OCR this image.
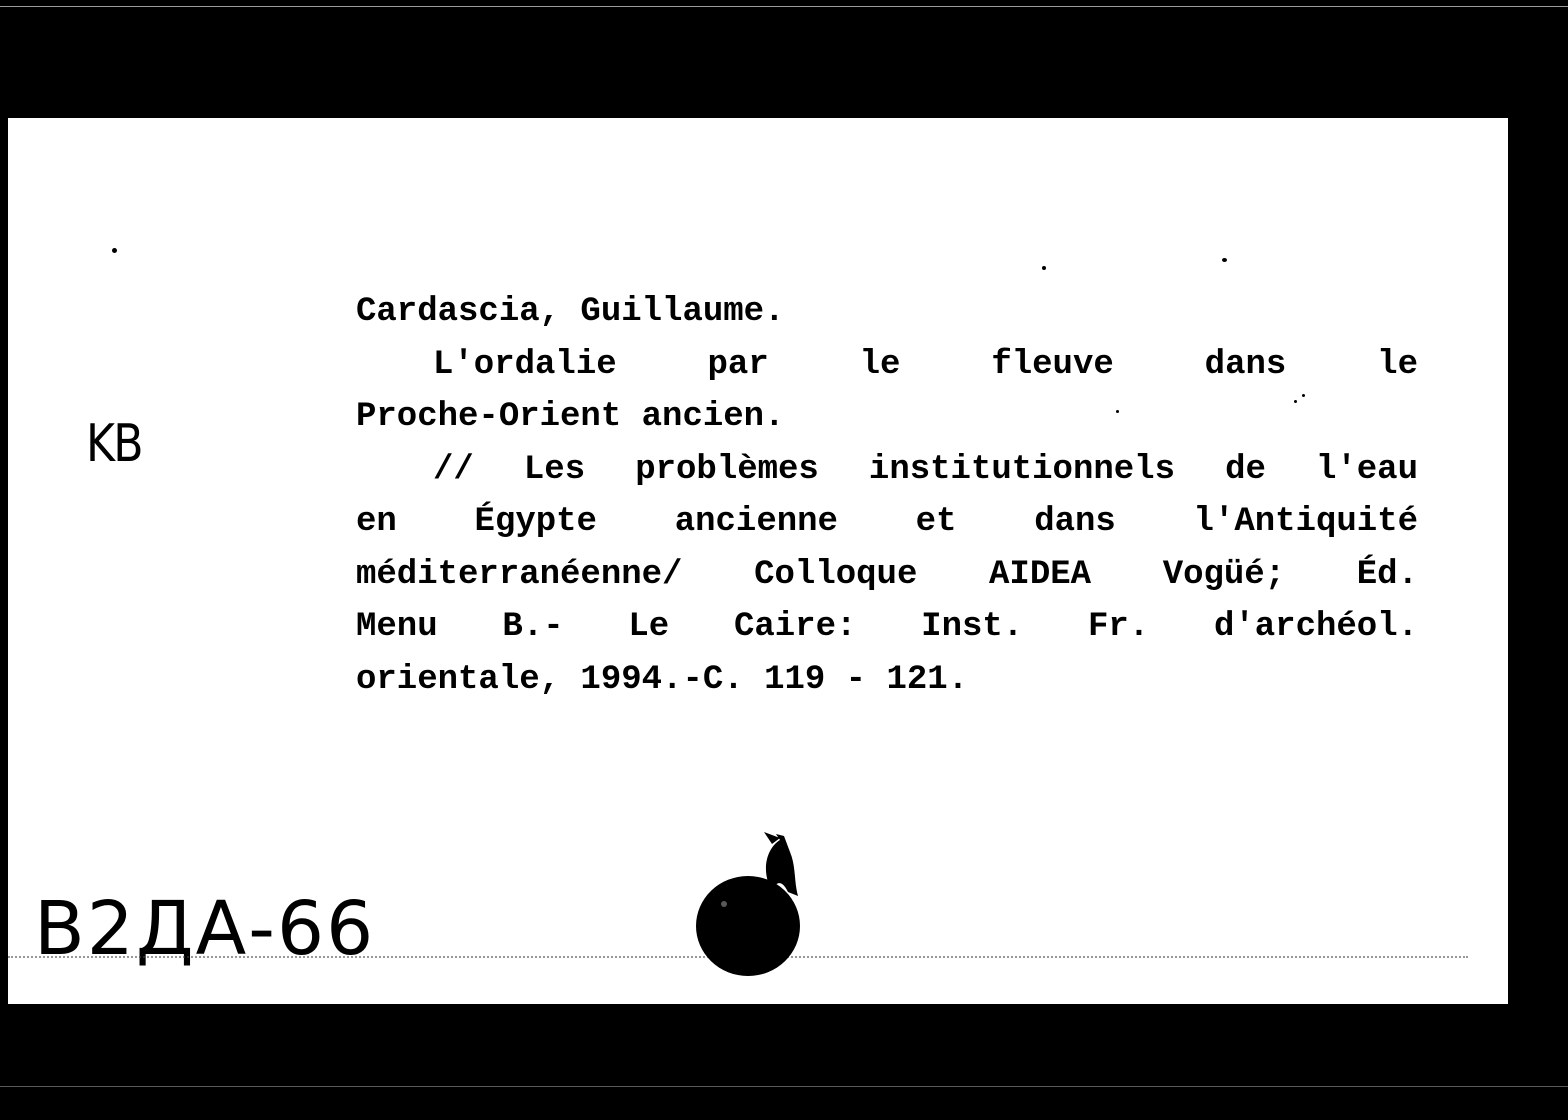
Cardascia, Guillaume.
L'ordalie par le fleuve dans le
Proche-Orient ancien.
// Les problèmes institutionnels de l'eau
en Égypte ancienne et dans l'Antiquité
méditerranéenne/ Colloque AIDEA Vogüé; Éd.
Menu B.- Le Caire: Inst. Fr. d'archéol.
orientale, 1994.-C. 119 - 121.
KB
В2ДА-66
